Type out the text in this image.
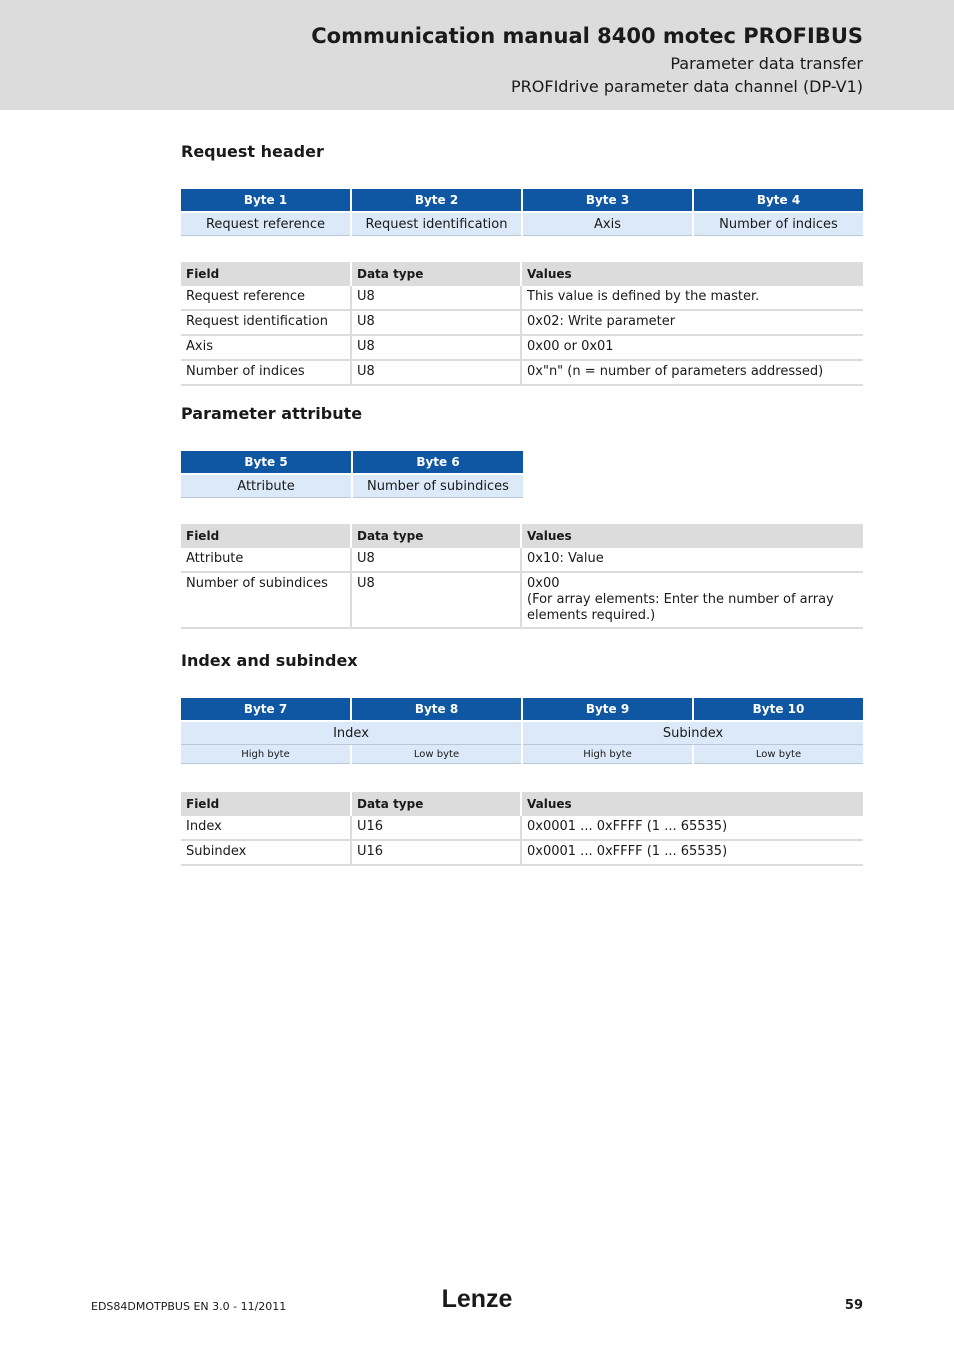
Communication manual 8400 motec PROFIBUS

Parameter data transfer

PROFIdrive parameter data channel (DP-V1)

Request header
Byte 1	Byte 2	Byte 3	Byte 4
Request reference	Request identification	Axis	Number of indices
Field	Data type	Values
Request reference	U8	This value is defined by the master.
Request identification	U8	0x02: Write parameter
Axis	U8	0x00 or 0x01
Number of indices	U8	0x"n" (n = number of parameters addressed)
Parameter attribute
Byte 5	Byte 6
Attribute	Number of subindices
Field	Data type	Values
Attribute	U8	0x10: Value
Number of subindices	U8	0x00
(For array elements: Enter the number of array elements required.)
Index and subindex
Byte 7	Byte 8	Byte 9	Byte 10
Index		Subindex	
High byte	Low byte	High byte	Low byte
Field	Data type	Values
Index	U16	0x0001 ... 0xFFFF (1 ... 65535)
Subindex	U16	0x0001 ... 0xFFFF (1 ... 65535)

EDS84DMOTPBUS EN 3.0 - 11/2011	Lenze	59
